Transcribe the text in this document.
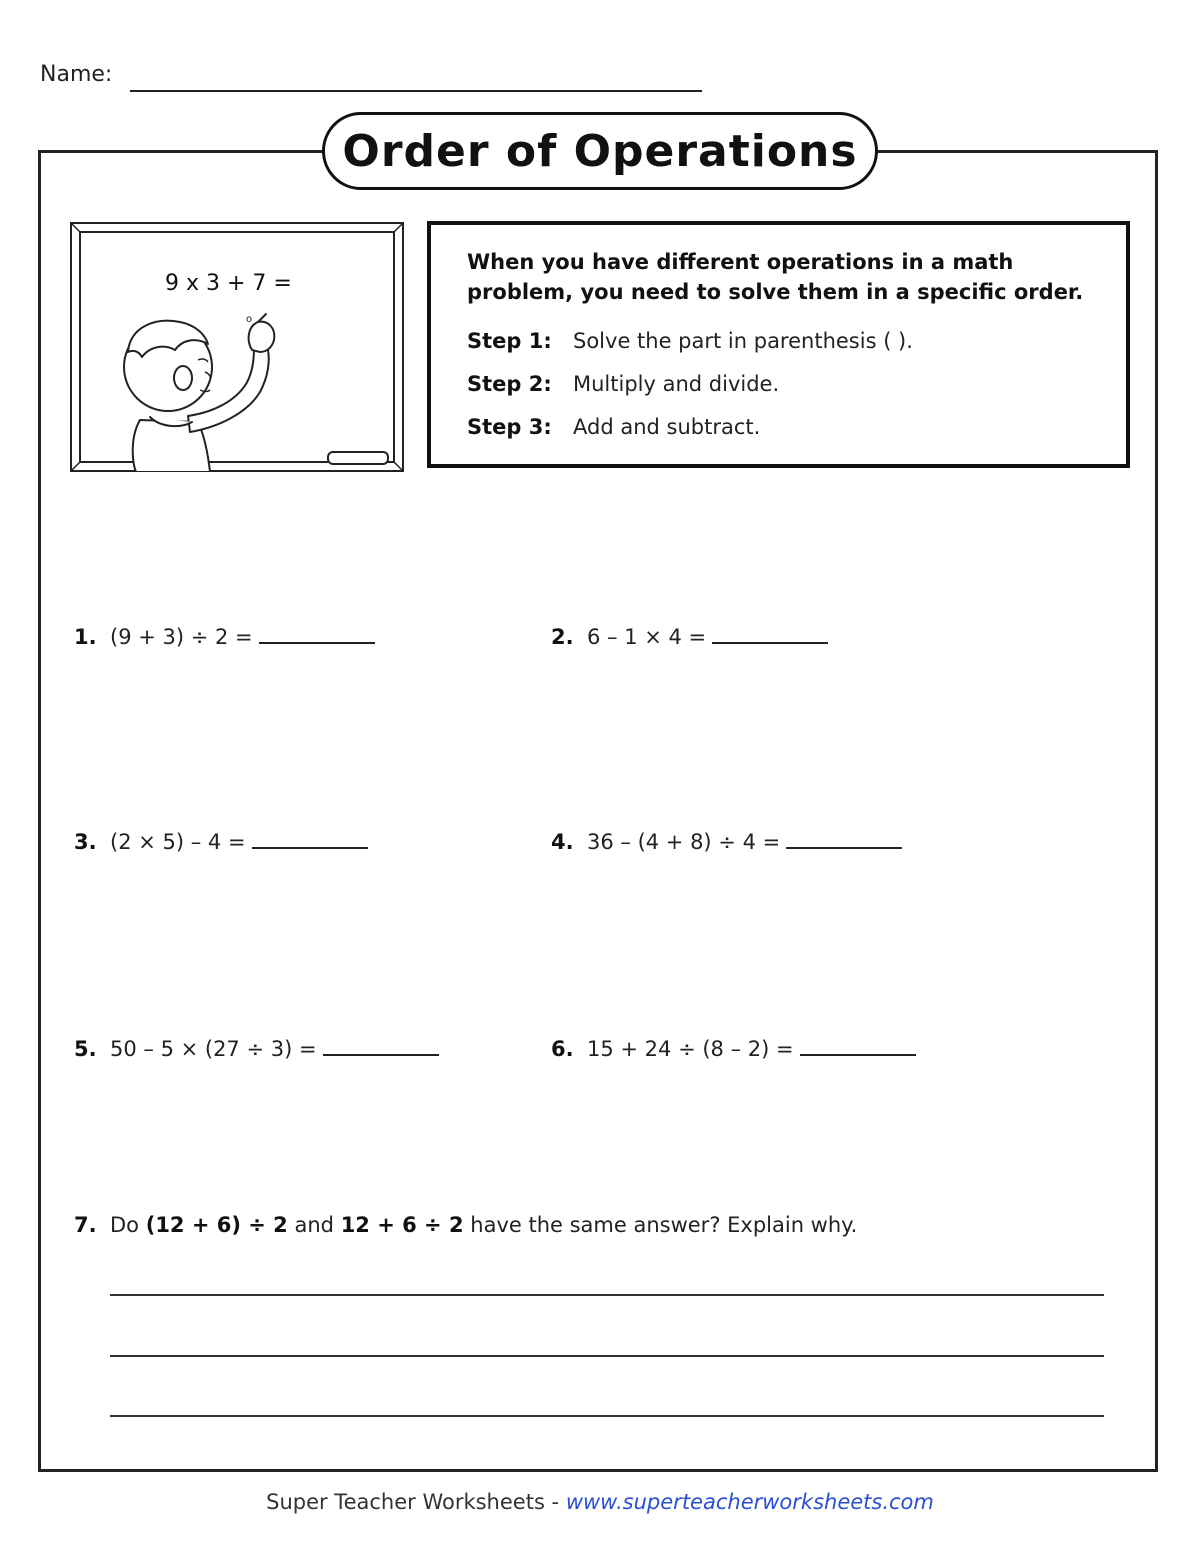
Name:
Order of Operations
9 x 3 + 7 =
o
When you have different operations in a math problem, you need to solve them in a specific order.
Step 1: Solve the part in parenthesis ( ).
Step 2: Multiply and divide.
Step 3: Add and subtract.
1. (9 + 3) ÷ 2 =	2. 6 – 1 × 4 =
3. (2 × 5) – 4 =	4. 36 – (4 + 8) ÷ 4 =
5. 50 – 5 × (27 ÷ 3) =	6. 15 + 24 ÷ (8 – 2) =
7. Do (12 + 6) ÷ 2 and 12 + 6 ÷ 2 have the same answer? Explain why.
Super Teacher Worksheets - www.superteacherworksheets.com
